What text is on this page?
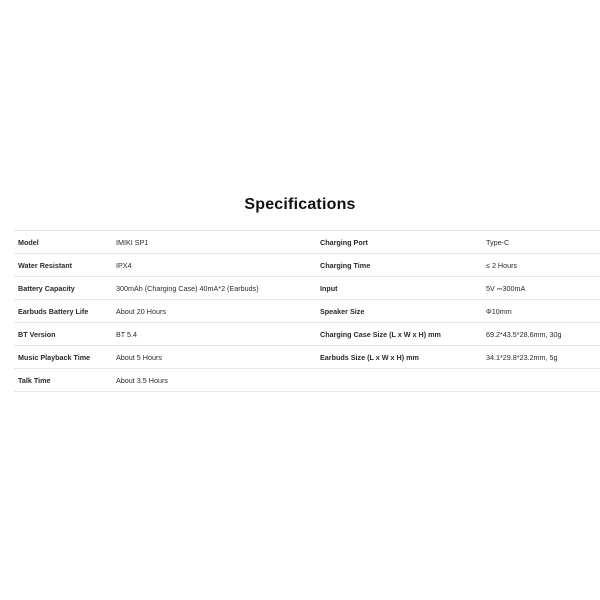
Specifications
Model	IMIKI SP1	Charging Port	Type-C
Water Resistant	IPX4	Charging Time	≤ 2 Hours
Battery Capacity	300mAh (Charging Case) 40mA*2 (Earbuds)	Input	5V ⎓300mA
Earbuds Battery Life	About 20 Hours	Speaker Size	Φ10mm
BT Version	BT 5.4	Charging Case Size (L x W x H) mm	69.2*43.5*28.6mm, 30g
Music Playback Time	About 5 Hours	Earbuds Size (L x W x H) mm	34.1*29.8*23.2mm, 5g
Talk Time	About 3.5 Hours		
